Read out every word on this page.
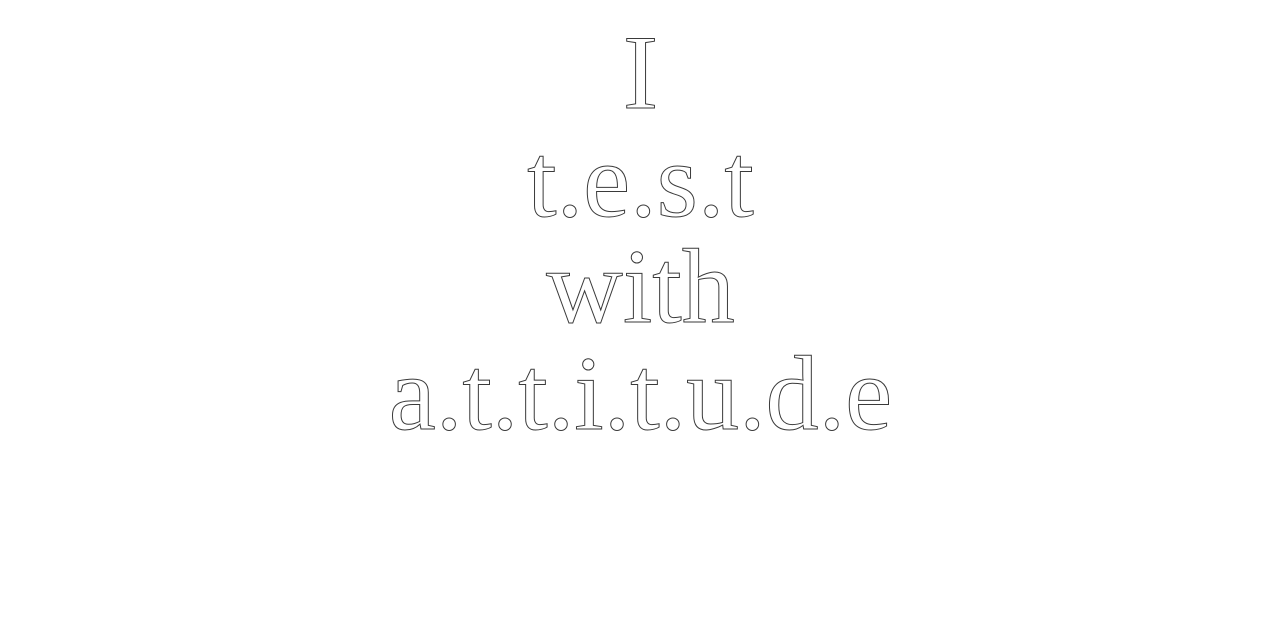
I
t.e.s.t
with
a.t.t.i.t.u.d.e
